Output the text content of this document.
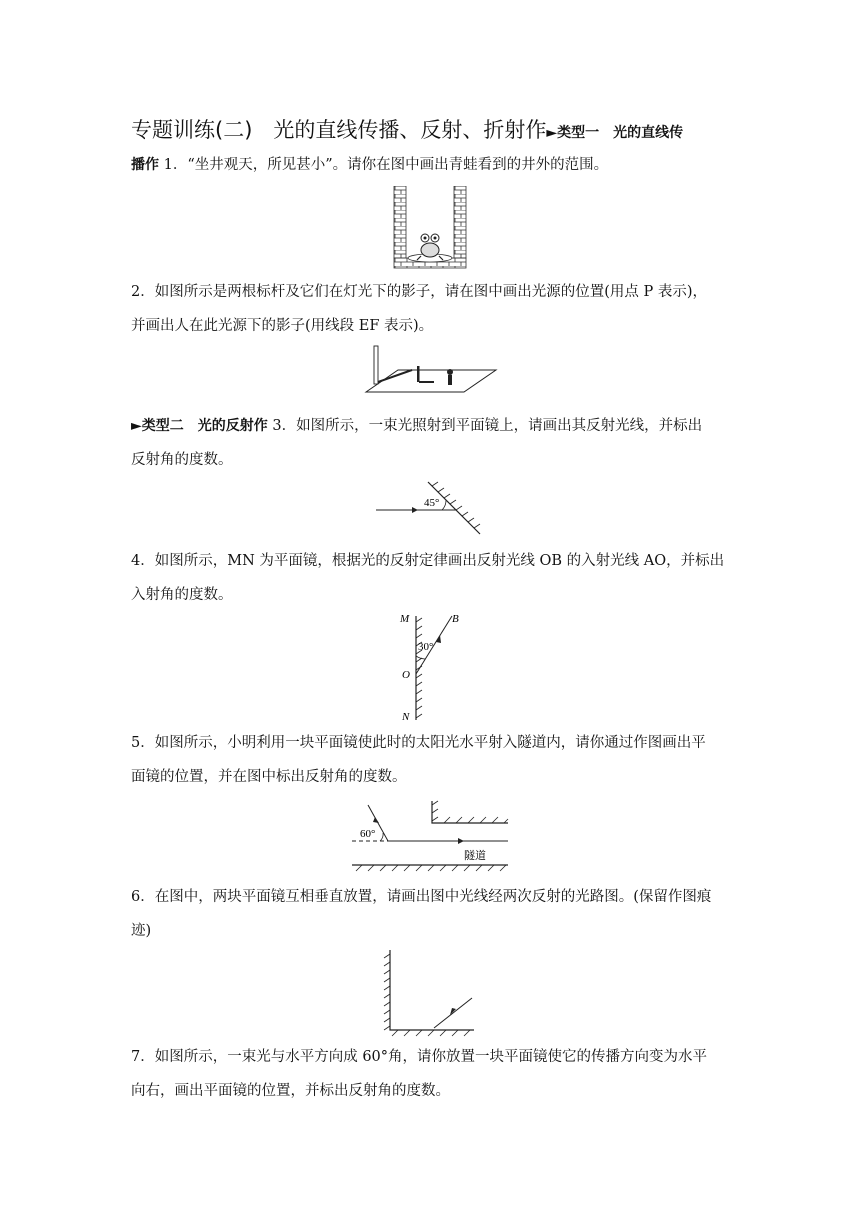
专题训练(二)　光的直线传播、反射、折射作►类型一　光的直线传
播作 1．“坐井观天，所见甚小”。请你在图中画出青蛙看到的井外的范围。
2．如图所示是两根标杆及它们在灯光下的影子，请在图中画出光源的位置(用点 P 表示)，
并画出人在此光源下的影子(用线段 EF 表示)。
►类型二　光的反射作 3．如图所示，一束光照射到平面镜上，请画出其反射光线，并标出
反射角的度数。
45°
4．如图所示，MN 为平面镜，根据光的反射定律画出反射光线 OB 的入射光线 AO，并标出
入射角的度数。
30°
M	B
O
N
5．如图所示，小明利用一块平面镜使此时的太阳光水平射入隧道内，请你通过作图画出平
面镜的位置，并在图中标出反射角的度数。
60°
隧道
6．在图中，两块平面镜互相垂直放置，请画出图中光线经两次反射的光路图。(保留作图痕
迹)
7．如图所示，一束光与水平方向成 60°角，请你放置一块平面镜使它的传播方向变为水平
向右，画出平面镜的位置，并标出反射角的度数。
